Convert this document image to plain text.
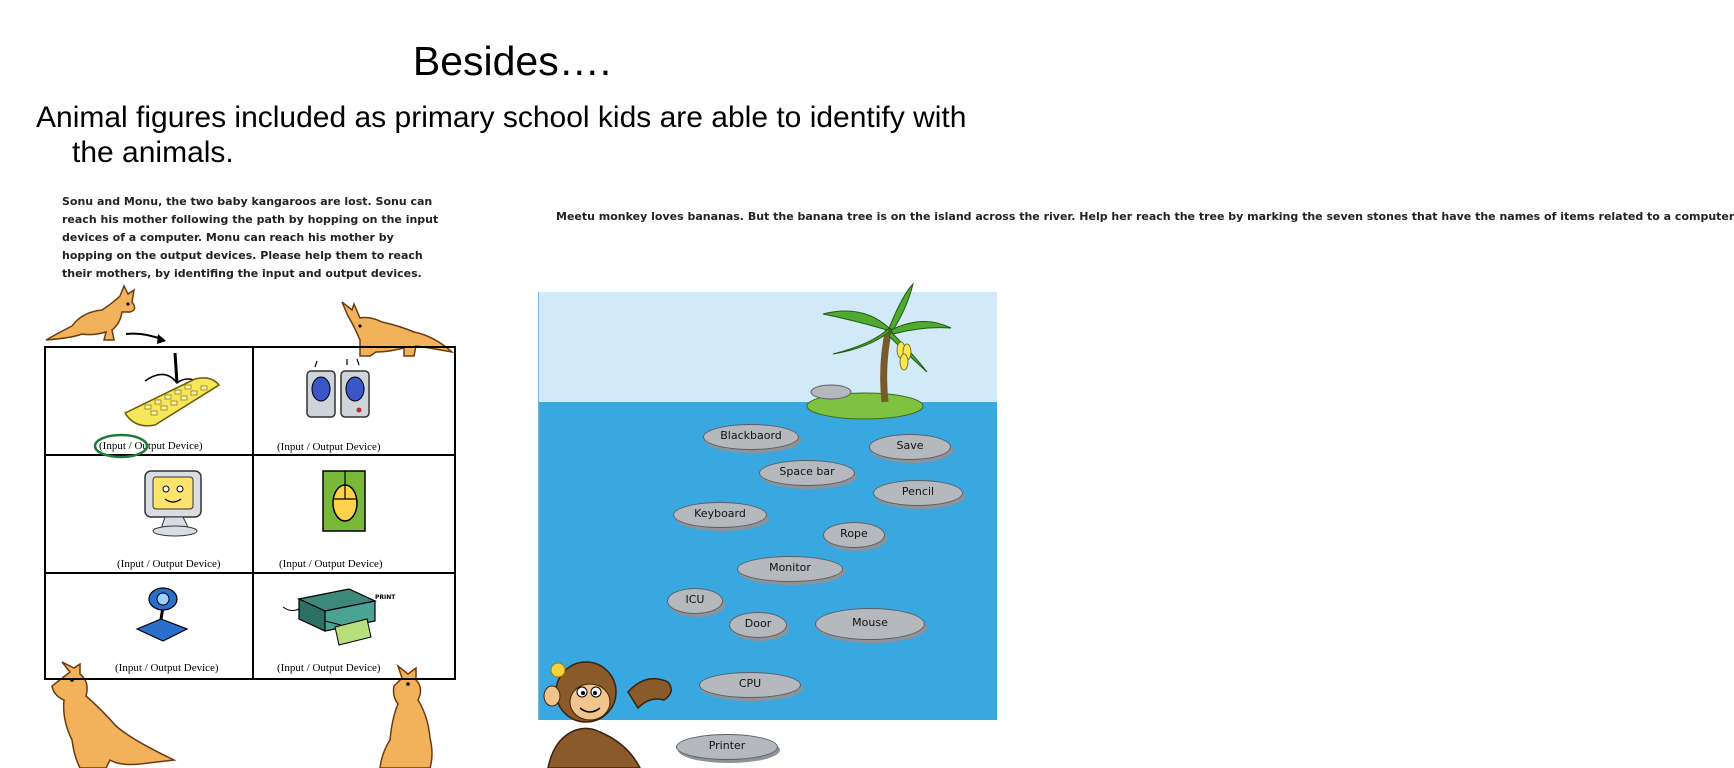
Besides….
Animal figures included as primary school kids are able to identify with the animals.
Sonu and Monu, the two baby kangaroos are lost. Sonu can reach his mother following the path by hopping on the input devices of a computer. Monu can reach his mother by hopping on the output devices. Please help them to reach their mothers, by identifing the input and output devices.
Meetu monkey loves bananas. But the banana tree is on the island across the river. Help her reach the tree by marking the seven stones that have the names of items related to a computer
PRINT
(Input / Output Device)	(Input / Output Device)
(Input / Output Device)	(Input / Output Device)
(Input / Output Device)	(Input / Output Device)
Blackbaord
Save
Space bar
Pencil
Keyboard
Rope
Monitor
ICU
Door	Mouse
CPU
Printer
